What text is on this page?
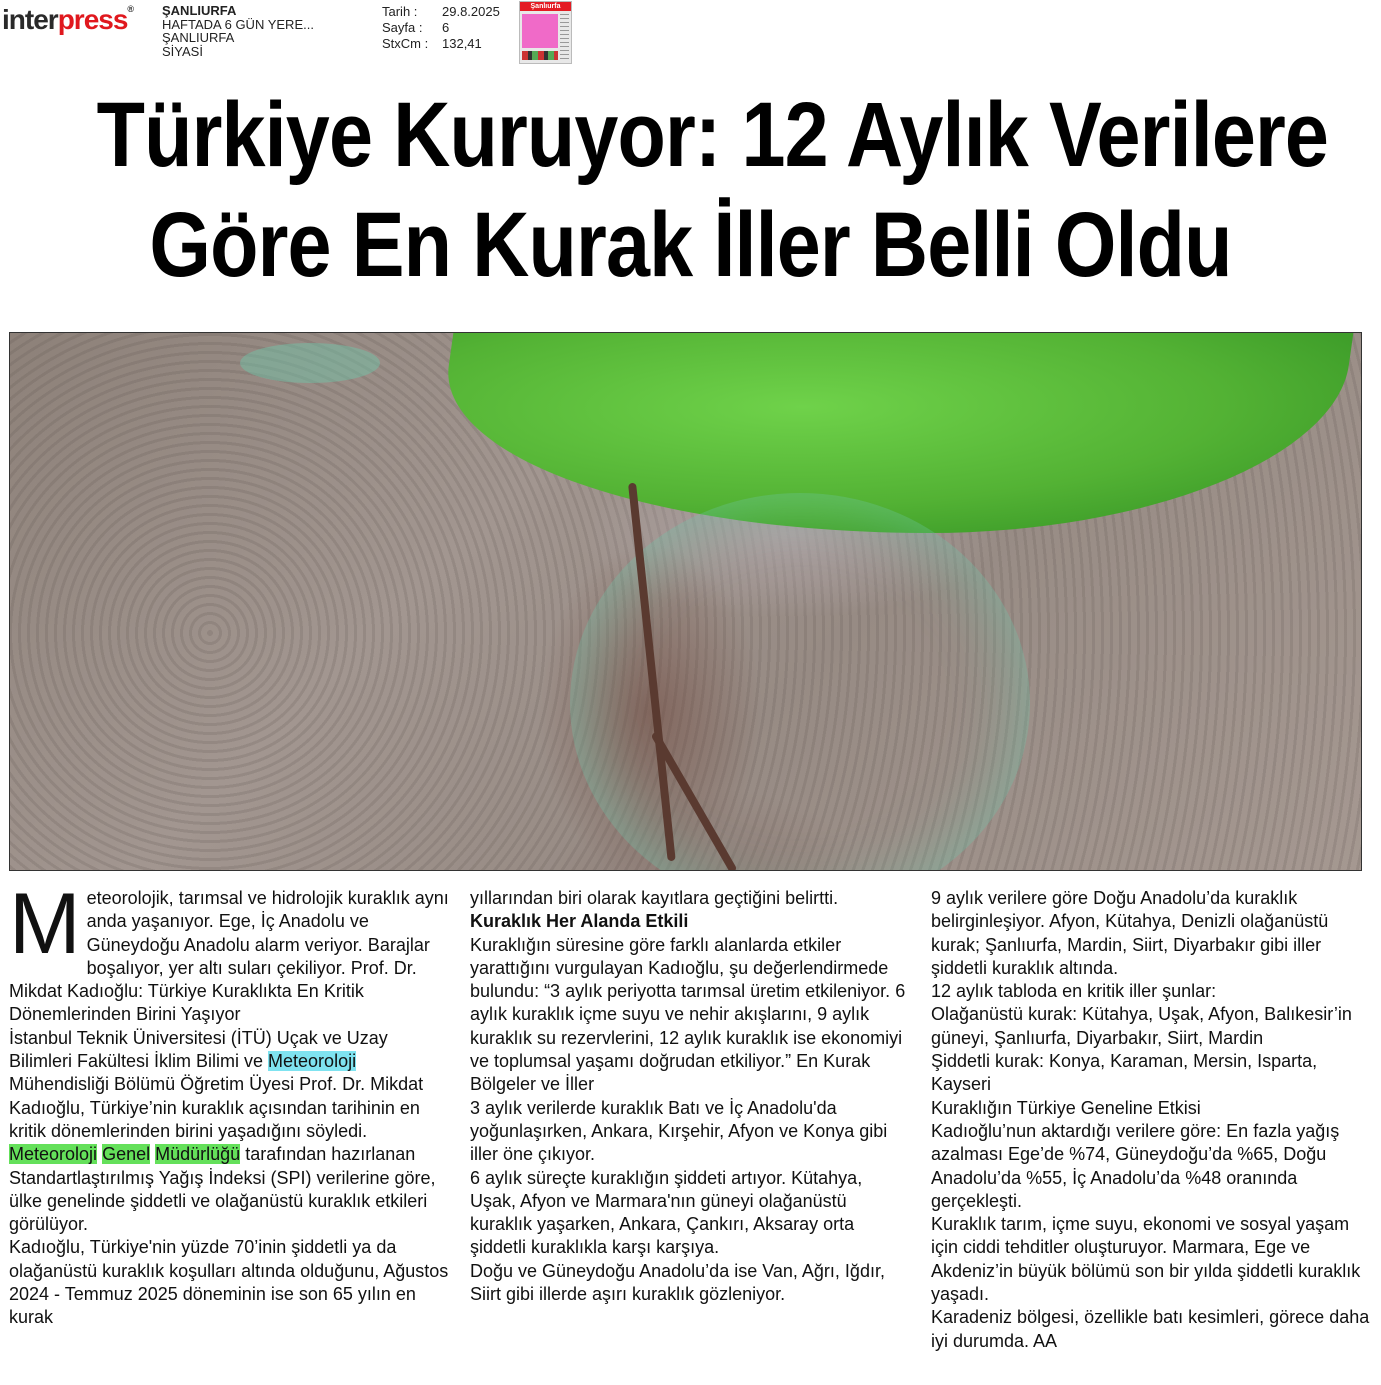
interpress® ŞANLIURFA
HAFTADA 6 GÜN YERE...
ŞANLIURFA
SİYASİ
Tarih :	29.8.2025
Sayfa :	6
StxCm :	132,41
Şanlıurfa
Türkiye Kuruyor: 12 Aylık Verilere
Göre En Kurak İller Belli Oldu

Meteorolojik, tarımsal ve hidrolojik kuraklık aynı anda yaşanıyor. Ege, İç Anadolu ve Güneydoğu Anadolu alarm veriyor. Barajlar boşalıyor, yer altı suları çekiliyor. Prof. Dr. Mikdat Kadıoğlu: Türkiye Kuraklıkta En Kritik Dönemlerinden Birini Yaşıyor

İstanbul Teknik Üniversitesi (İTÜ) Uçak ve Uzay Bilimleri Fakültesi İklim Bilimi ve Meteoroloji Mühendisliği Bölümü Öğretim Üyesi Prof. Dr. Mikdat Kadıoğlu, Türkiye’nin kuraklık açısından tarihinin en kritik dönemlerinden birini yaşadığını söyledi.

Meteoroloji Genel Müdürlüğü tarafından hazırlanan Standartlaştırılmış Yağış İndeksi (SPI) verilerine göre, ülke genelinde şiddetli ve olağanüstü kuraklık etkileri görülüyor.

Kadıoğlu, Türkiye'nin yüzde 70’inin şiddetli ya da olağanüstü kuraklık koşulları altında olduğunu, Ağustos 2024 - Temmuz 2025 döneminin ise son 65 yılın en kurak

yıllarından biri olarak kayıtlara geçtiğini belirtti.

Kuraklık Her Alanda Etkili

Kuraklığın süresine göre farklı alanlarda etkiler yarattığını vurgulayan Kadıoğlu, şu değerlendirmede bulundu: “3 aylık periyotta tarımsal üretim etkileniyor. 6 aylık kuraklık içme suyu ve nehir akışlarını, 9 aylık kuraklık su rezervlerini, 12 aylık kuraklık ise ekonomiyi ve toplumsal yaşamı doğrudan etkiliyor.” En Kurak Bölgeler ve İller

3 aylık verilerde kuraklık Batı ve İç Anadolu'da yoğunlaşırken, Ankara, Kırşehir, Afyon ve Konya gibi iller öne çıkıyor.

6 aylık süreçte kuraklığın şiddeti artıyor. Kütahya, Uşak, Afyon ve Marmara'nın güneyi olağanüstü kuraklık yaşarken, Ankara, Çankırı, Aksaray orta şiddetli kuraklıkla karşı karşıya.

Doğu ve Güneydoğu Anadolu’da ise Van, Ağrı, Iğdır, Siirt gibi illerde aşırı kuraklık gözleniyor.

9 aylık verilere göre Doğu Anadolu’da kuraklık belirginleşiyor. Afyon, Kütahya, Denizli olağanüstü kurak; Şanlıurfa, Mardin, Siirt, Diyarbakır gibi iller şiddetli kuraklık altında.

12 aylık tabloda en kritik iller şunlar:

Olağanüstü kurak: Kütahya, Uşak, Afyon, Balıkesir’in güneyi, Şanlıurfa, Diyarbakır, Siirt, Mardin

Şiddetli kurak: Konya, Karaman, Mersin, Isparta, Kayseri

Kuraklığın Türkiye Geneline Etkisi

Kadıoğlu’nun aktardığı verilere göre: En fazla yağış azalması Ege’de %74, Güneydoğu’da %65, Doğu Anadolu’da %55, İç Anadolu’da %48 oranında gerçekleşti.

Kuraklık tarım, içme suyu, ekonomi ve sosyal yaşam için ciddi tehditler oluşturuyor. Marmara, Ege ve Akdeniz’in büyük bölümü son bir yılda şiddetli kuraklık yaşadı.

Karadeniz bölgesi, özellikle batı kesimleri, görece daha iyi durumda. AA
